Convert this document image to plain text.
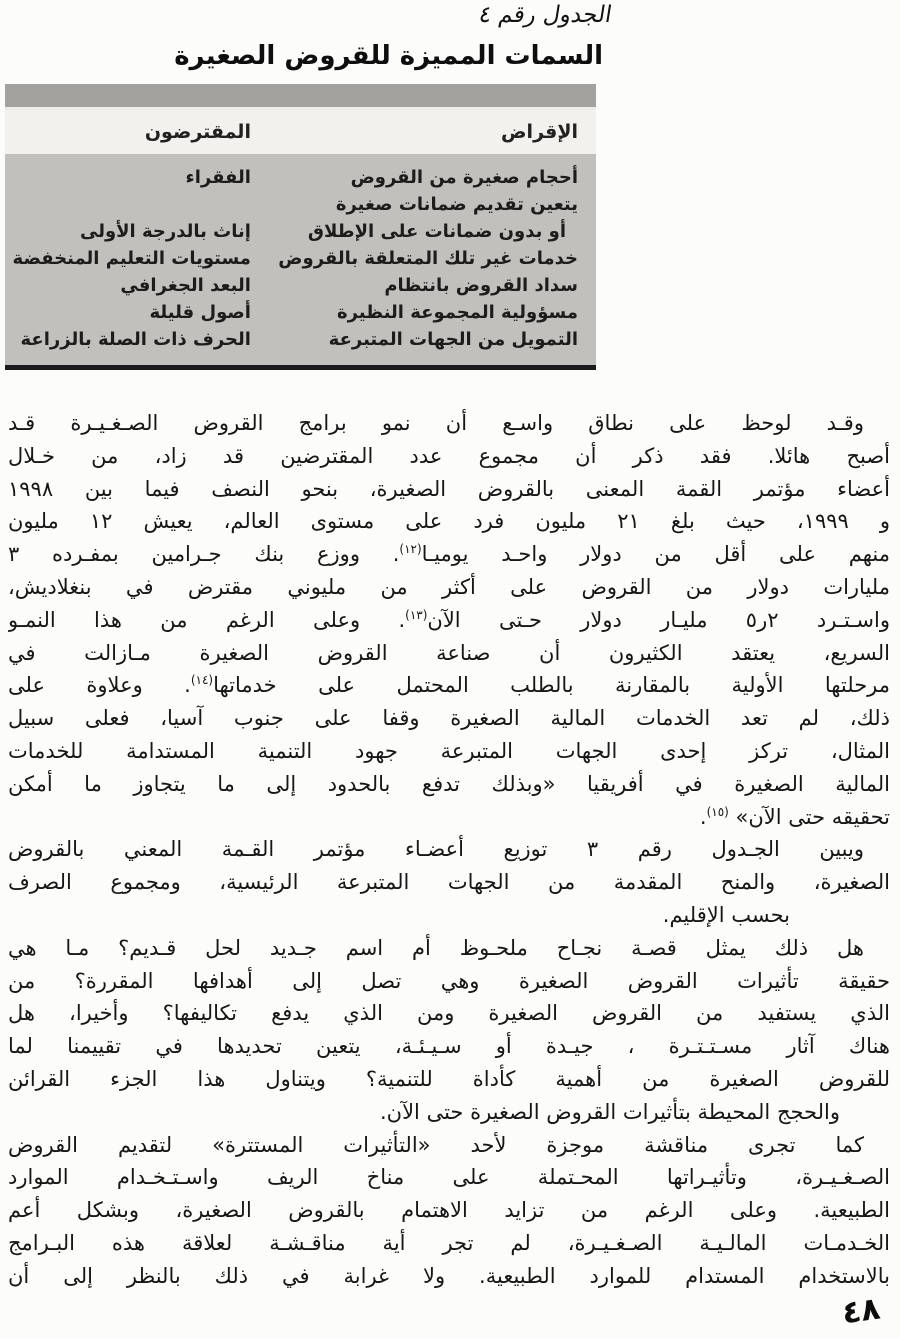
الجدول رقم ٤
السمات المميزة للقروض الصغيرة
الإقراض
المقترضون
أحجام صغيرة من القروض
الفقراء
يتعين تقديم ضمانات صغيرة
أو بدون ضمانات على الإطلاق
إناث بالدرجة الأولى
خدمات غير تلك المتعلقة بالقروض
مستويات التعليم المنخفضة
سداد القروض بانتظام
البعد الجغرافي
مسؤولية المجموعة النظيرة
أصول قليلة
التمويل من الجهات المتبرعة
الحرف ذات الصلة بالزراعة
وقـد لوحظ على نطاق واسـع أن نمو برامج القروض الصـغـيـرة قـد
أصبح هائلا. فقد ذكر أن مجموع عدد المقترضين قد زاد، من خـلال
أعضاء مؤتمر القمة المعنى بالقروض الصغيرة، بنحو النصف فيما بين ١٩٩٨
و ١٩٩٩، حيث بلغ ٢١ مليون فرد على مستوى العالم، يعيش ١٢ مليون
منهم على أقل من دولار واحـد يوميـا$^{(١٢)}$. ووزع بنك جـرامين بمفـرده ٣
مليارات دولار من القروض على أكثر من مليوني مقترض في بنغلاديش،
واسـتـرد ٢ر٥ مليـار دولار حـتى الآن$^{(١٣)}$. وعلى الرغم من هذا النمـو
السريع، يعتقد الكثيرون أن صناعة القروض الصغيرة مـازالت في
مرحلتها الأولية بالمقارنة بالطلب المحتمل على خدماتها$^{(١٤)}$. وعلاوة على
ذلك، لم تعد الخدمات المالية الصغيرة وقفا على جنوب آسيا، فعلى سبيل
المثال، تركز إحدى الجهات المتبرعة جهود التنمية المستدامة للخدمات
المالية الصغيرة في أفريقيا «وبذلك تدفع بالحدود إلى ما يتجاوز ما أمكن
تحقيقه حتى الآن» $^{(١٥)}$.
ويبين الجـدول رقم ٣ توزيع أعضـاء مؤتمر القـمة المعني بالقروض
الصغيرة، والمنح المقدمة من الجهات المتبرعة الرئيسية، ومجموع الصرف
بحسب الإقليم.
هل ذلك يمثل قصـة نجـاح ملحـوظ أم اسم جـديد لحل قـديم؟ مـا هي
حقيقة تأثيرات القروض الصغيرة وهي تصل إلى أهدافها المقررة؟ من
الذي يستفيد من القروض الصغيرة ومن الذي يدفع تكاليفها؟ وأخيرا، هل
هناك آثار مسـتـتـرة ، جيـدة أو سـيـئـة، يتعين تحديدها في تقييمنا لما
للقروض الصغيرة من أهمية كأداة للتنمية؟ ويتناول هذا الجزء القرائن
والحجج المحيطة بتأثيرات القروض الصغيرة حتى الآن.
كما تجرى مناقشة موجزة لأحد «التأثيرات المستترة» لتقديم القروض
الصـغـيـرة، وتأثيـراتها المحـتملة على مناخ الريف واسـتـخـدام الموارد
الطبيعية. وعلى الرغم من تزايد الاهتمام بالقروض الصغيرة، وبشكل أعم
الخـدمـات المالـيـة الصـغـيـرة، لم تجر أية مناقـشـة لعلاقة هذه البـرامج
بالاستخدام المستدام للموارد الطبيعية. ولا غرابة في ذلك بالنظر إلى أن
٤٨
